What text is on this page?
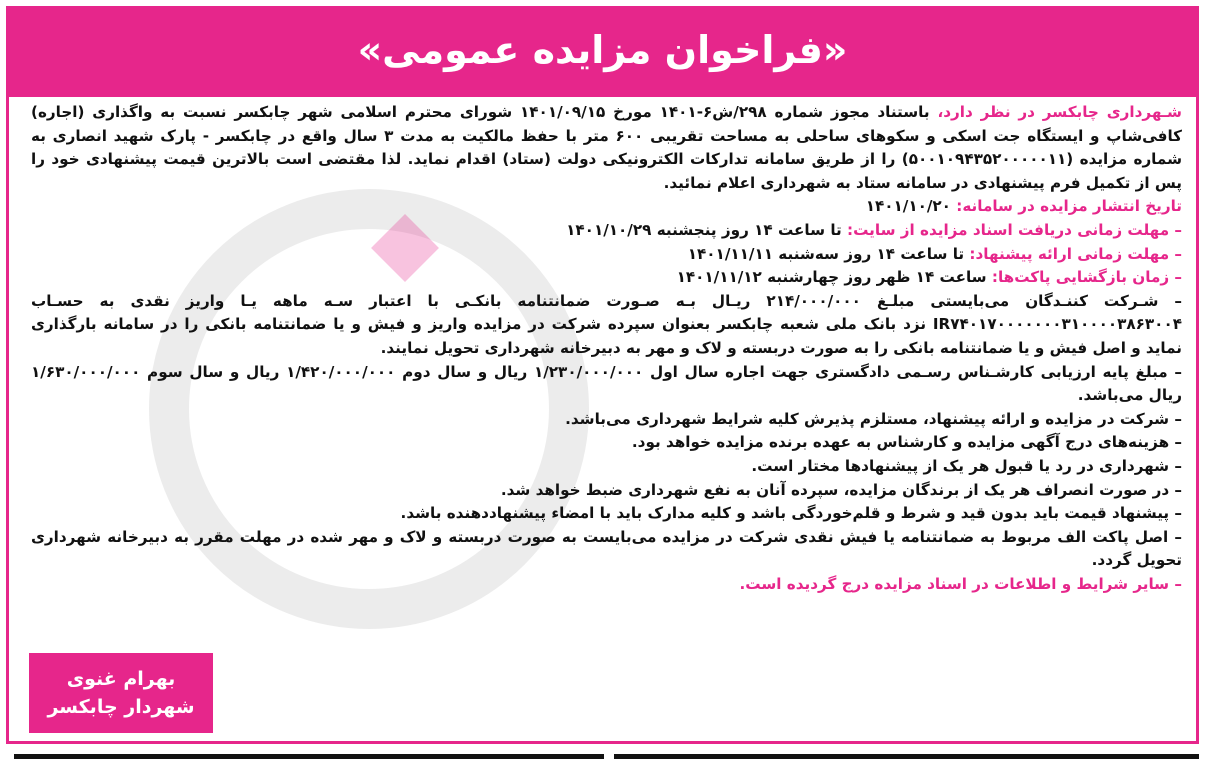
«فراخوان مزایده عمومی»

شـهرداری چابکسر در نظر دارد، باستناد مجوز شماره ۲۹۸/ش۶-۱۴۰۱ مورخ ۱۴۰۱/۰۹/۱۵ شورای محترم اسلامی شهر چابکسر نسبت به واگذاری (اجاره) کافی‌شاپ و ایستگاه جت اسکی و سکوهای ساحلی به مساحت تقریبی ۶۰۰ متر با حفظ مالکیت به مدت ۳ سال واقع در چابکسر - پارک شهید انصاری به شماره مزایده (۵۰۰۱۰۹۴۳۵۲۰۰۰۰۰۱۱) را از طریق سامانه تدارکات الکترونیکی دولت (ستاد) اقدام نماید. لذا مقتضی است بالاترین قیمت پیشنهادی خود را پس از تکمیل فرم پیشنهادی در سامانه ستاد به شهرداری اعلام نمائید.

تاریخ انتشار مزایده در سامانه: ۱۴۰۱/۱۰/۲۰

– مهلت زمانی دریافت اسناد مزایده از سایت: تا ساعت ۱۴ روز پنجشنبه ۱۴۰۱/۱۰/۲۹

– مهلت زمانی ارائه پیشنهاد: تا ساعت ۱۴ روز سه‌شنبه ۱۴۰۱/۱۱/۱۱

– زمان بازگشایی پاکت‌ها: ساعت ۱۴ ظهر روز چهارشنبه ۱۴۰۱/۱۱/۱۲

– شـرکت کننـدگان می‌بایستی مبلـغ ۲۱۴/۰۰۰/۰۰۰ ریـال بـه صـورت ضمانتنامه بانکـی با اعتبار سـه ماهه یـا واریز نقدی به حسـاب IR۷۴۰۱۷۰۰۰۰۰۰۰۳۱۰۰۰۰۳۸۶۳۰۰۴ نزد بانک ملی شعبه چابکسر بعنوان سپرده شرکت در مزایده واریز و فیش و یا ضمانتنامه بانکی را در سامانه بارگذاری نماید و اصل فیش و یا ضمانتنامه بانکی را به صورت دربسته و لاک و مهر به دبیرخانه شهرداری تحویل نمایند.

– مبلغ پایه ارزیابی کارشـناس رسـمی دادگستری جهت اجاره سال اول ۱/۲۳۰/۰۰۰/۰۰۰ ریال و سال دوم ۱/۴۲۰/۰۰۰/۰۰۰ ریال و سال سوم ۱/۶۳۰/۰۰۰/۰۰۰ ریال می‌باشد.

– شرکت در مزایده و ارائه پیشنهاد، مستلزم پذیرش کلیه شرایط شهرداری می‌باشد.

– هزینه‌های درج آگهی مزایده و کارشناس به عهده برنده مزایده خواهد بود.

– شهرداری در رد یا قبول هر یک از پیشنهادها مختار است.

– در صورت انصراف هر یک از برندگان مزایده، سپرده آنان به نفع شهرداری ضبط خواهد شد.

– پیشنهاد قیمت باید بدون قید و شرط و قلم‌خوردگی باشد و کلیه مدارک باید با امضاء پیشنهاددهنده باشد.

– اصل پاکت الف مربوط به ضمانتنامه یا فیش نقدی شرکت در مزایده می‌بایست به صورت دربسته و لاک و مهر شده در مهلت مقرر به دبیرخانه شهرداری تحویل گردد.

– سایر شرایط و اطلاعات در اسناد مزایده درج گردیده است.

بهرام غنوی
شهردار چابکسر
